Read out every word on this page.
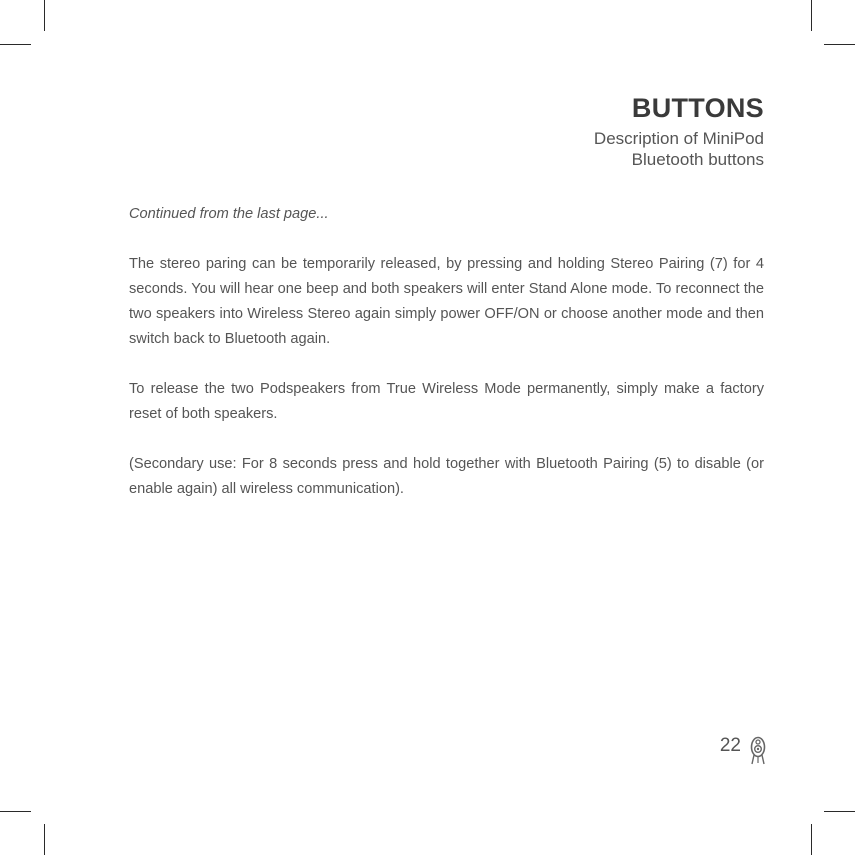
BUTTONS
Description of MiniPod
Bluetooth buttons

Continued from the last page...

The stereo paring can be temporarily released, by pressing and holding Stereo Pairing (7) for 4 seconds. You will hear one beep and both speakers will enter Stand Alone mode. To reconnect the two speakers into Wireless Stereo again simply power OFF/ON or choose another mode and then switch back to Bluetooth again.

To release the two Podspeakers from True Wireless Mode permanently, simply make a factory reset of both speakers.

(Secondary use: For 8 seconds press and hold together with Bluetooth Pairing (5) to disable (or enable again) all wireless communication).

22
